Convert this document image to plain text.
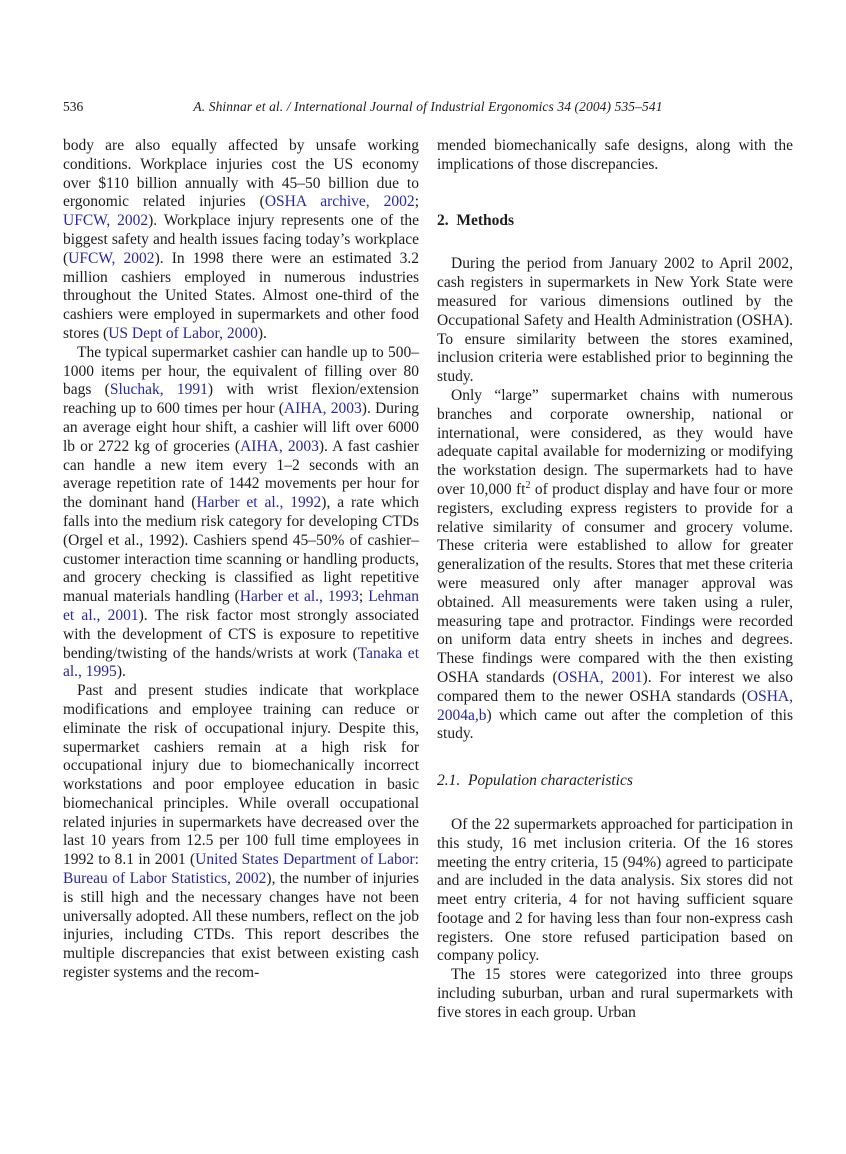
536	A. Shinnar et al. / International Journal of Industrial Ergonomics 34 (2004) 535–541

body are also equally affected by unsafe working conditions. Workplace injuries cost the US economy over $110 billion annually with 45–50 billion due to ergonomic related injuries (OSHA archive, 2002; UFCW, 2002). Workplace injury represents one of the biggest safety and health issues facing today’s workplace (UFCW, 2002). In 1998 there were an estimated 3.2 million cashiers employed in numerous industries throughout the United States. Almost one-third of the cashiers were employed in supermarkets and other food stores (US Dept of Labor, 2000).

The typical supermarket cashier can handle up to 500–1000 items per hour, the equivalent of filling over 80 bags (Sluchak, 1991) with wrist flexion/extension reaching up to 600 times per hour (AIHA, 2003). During an average eight hour shift, a cashier will lift over 6000 lb or 2722 kg of groceries (AIHA, 2003). A fast cashier can handle a new item every 1–2 seconds with an average repetition rate of 1442 movements per hour for the dominant hand (Harber et al., 1992), a rate which falls into the medium risk category for developing CTDs (Orgel et al., 1992). Cashiers spend 45–50% of cashier–customer interaction time scanning or handling products, and grocery checking is classified as light repetitive manual materials handling (Harber et al., 1993; Lehman et al., 2001). The risk factor most strongly associated with the development of CTS is exposure to repetitive bending/twisting of the hands/wrists at work (Tanaka et al., 1995).

Past and present studies indicate that workplace modifications and employee training can reduce or eliminate the risk of occupational injury. Despite this, supermarket cashiers remain at a high risk for occupational injury due to biomechanically incorrect workstations and poor employee education in basic biomechanical principles. While overall occupational related injuries in supermarkets have decreased over the last 10 years from 12.5 per 100 full time employees in 1992 to 8.1 in 2001 (United States Department of Labor: Bureau of Labor Statistics, 2002), the number of injuries is still high and the necessary changes have not been universally adopted. All these numbers, reflect on the job injuries, including CTDs. This report describes the multiple discrepancies that exist between existing cash register systems and the recom-

mended biomechanically safe designs, along with the implications of those discrepancies.

2. Methods

During the period from January 2002 to April 2002, cash registers in supermarkets in New York State were measured for various dimensions outlined by the Occupational Safety and Health Administration (OSHA). To ensure similarity between the stores examined, inclusion criteria were established prior to beginning the study.

Only “large” supermarket chains with numerous branches and corporate ownership, national or international, were considered, as they would have adequate capital available for modernizing or modifying the workstation design. The supermarkets had to have over 10,000 $ft^2$ of product display and have four or more registers, excluding express registers to provide for a relative similarity of consumer and grocery volume. These criteria were established to allow for greater generalization of the results. Stores that met these criteria were measured only after manager approval was obtained. All measurements were taken using a ruler, measuring tape and protractor. Findings were recorded on uniform data entry sheets in inches and degrees. These findings were compared with the then existing OSHA standards (OSHA, 2001). For interest we also compared them to the newer OSHA standards (OSHA, 2004a,b) which came out after the completion of this study.

2.1. Population characteristics

Of the 22 supermarkets approached for participation in this study, 16 met inclusion criteria. Of the 16 stores meeting the entry criteria, 15 (94%) agreed to participate and are included in the data analysis. Six stores did not meet entry criteria, 4 for not having sufficient square footage and 2 for having less than four non-express cash registers. One store refused participation based on company policy.

The 15 stores were categorized into three groups including suburban, urban and rural supermarkets with five stores in each group. Urban
